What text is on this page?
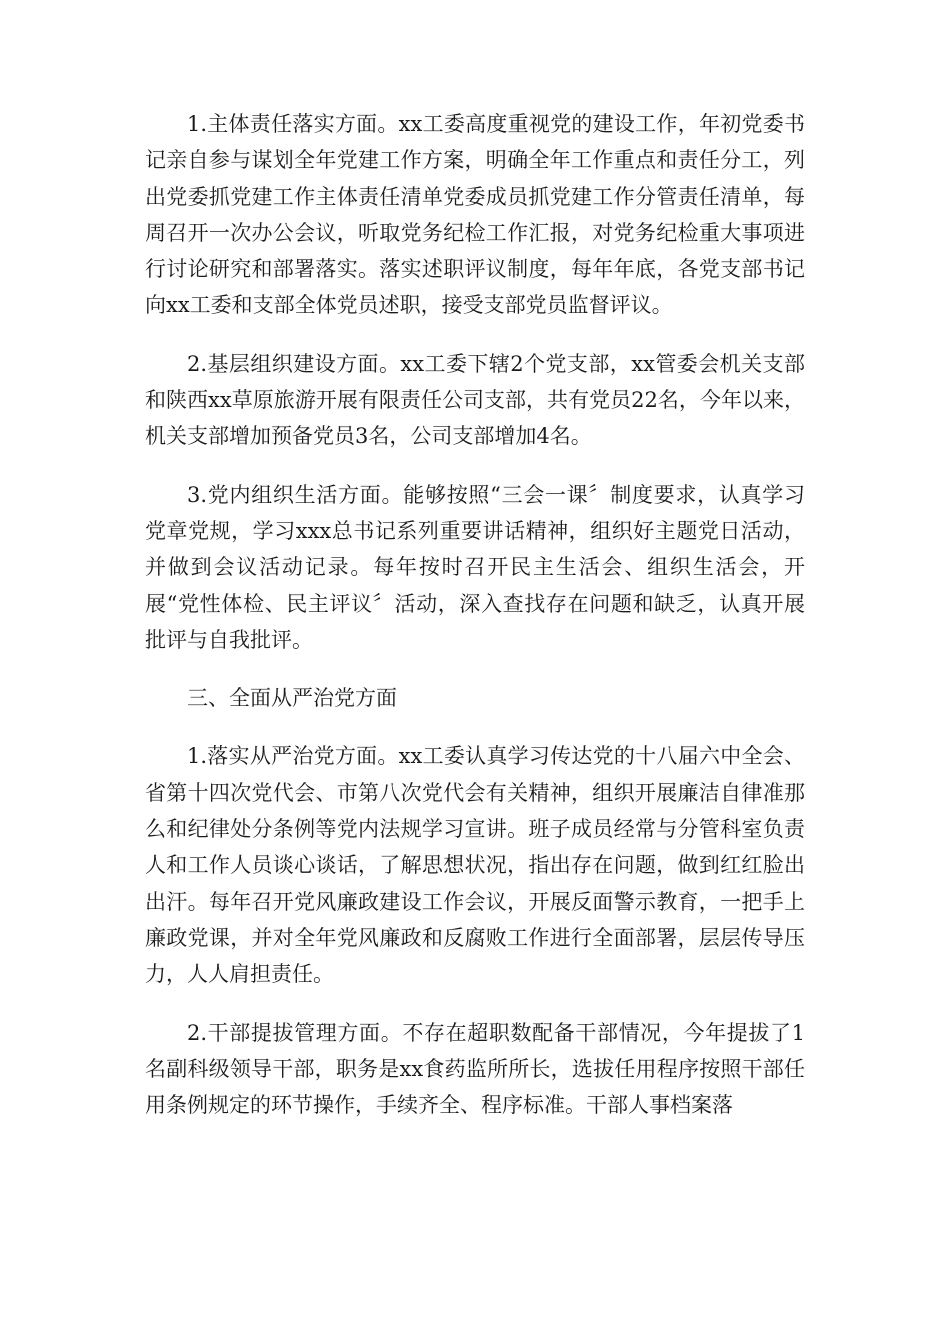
1.主体责任落实方面。xx工委高度重视党的建设工作，年初党委书记亲自参与谋划全年党建工作方案，明确全年工作重点和责任分工，列出党委抓党建工作主体责任清单党委成员抓党建工作分管责任清单，每周召开一次办公会议，听取党务纪检工作汇报，对党务纪检重大事项进行讨论研究和部署落实。落实述职评议制度，每年年底，各党支部书记向xx工委和支部全体党员述职，接受支部党员监督评议。

2.基层组织建设方面。xx工委下辖2个党支部，xx管委会机关支部和陕西xx草原旅游开展有限责任公司支部，共有党员22名，今年以来，机关支部增加预备党员3名，公司支部增加4名。

3.党内组织生活方面。能够按照“三会一课〞制度要求，认真学习党章党规，学习xxx总书记系列重要讲话精神，组织好主题党日活动，并做到会议活动记录。每年按时召开民主生活会、组织生活会，开展“党性体检、民主评议〞活动，深入查找存在问题和缺乏，认真开展批评与自我批评。

三、全面从严治党方面

1.落实从严治党方面。xx工委认真学习传达党的十八届六中全会、省第十四次党代会、市第八次党代会有关精神，组织开展廉洁自律准那么和纪律处分条例等党内法规学习宣讲。班子成员经常与分管科室负责人和工作人员谈心谈话，了解思想状况，指出存在问题，做到红红脸出出汗。每年召开党风廉政建设工作会议，开展反面警示教育，一把手上廉政党课，并对全年党风廉政和反腐败工作进行全面部署，层层传导压力，人人肩担责任。

2.干部提拔管理方面。不存在超职数配备干部情况，今年提拔了1名副科级领导干部，职务是xx食药监所所长，选拔任用程序按照干部任用条例规定的环节操作，手续齐全、程序标准。干部人事档案落
